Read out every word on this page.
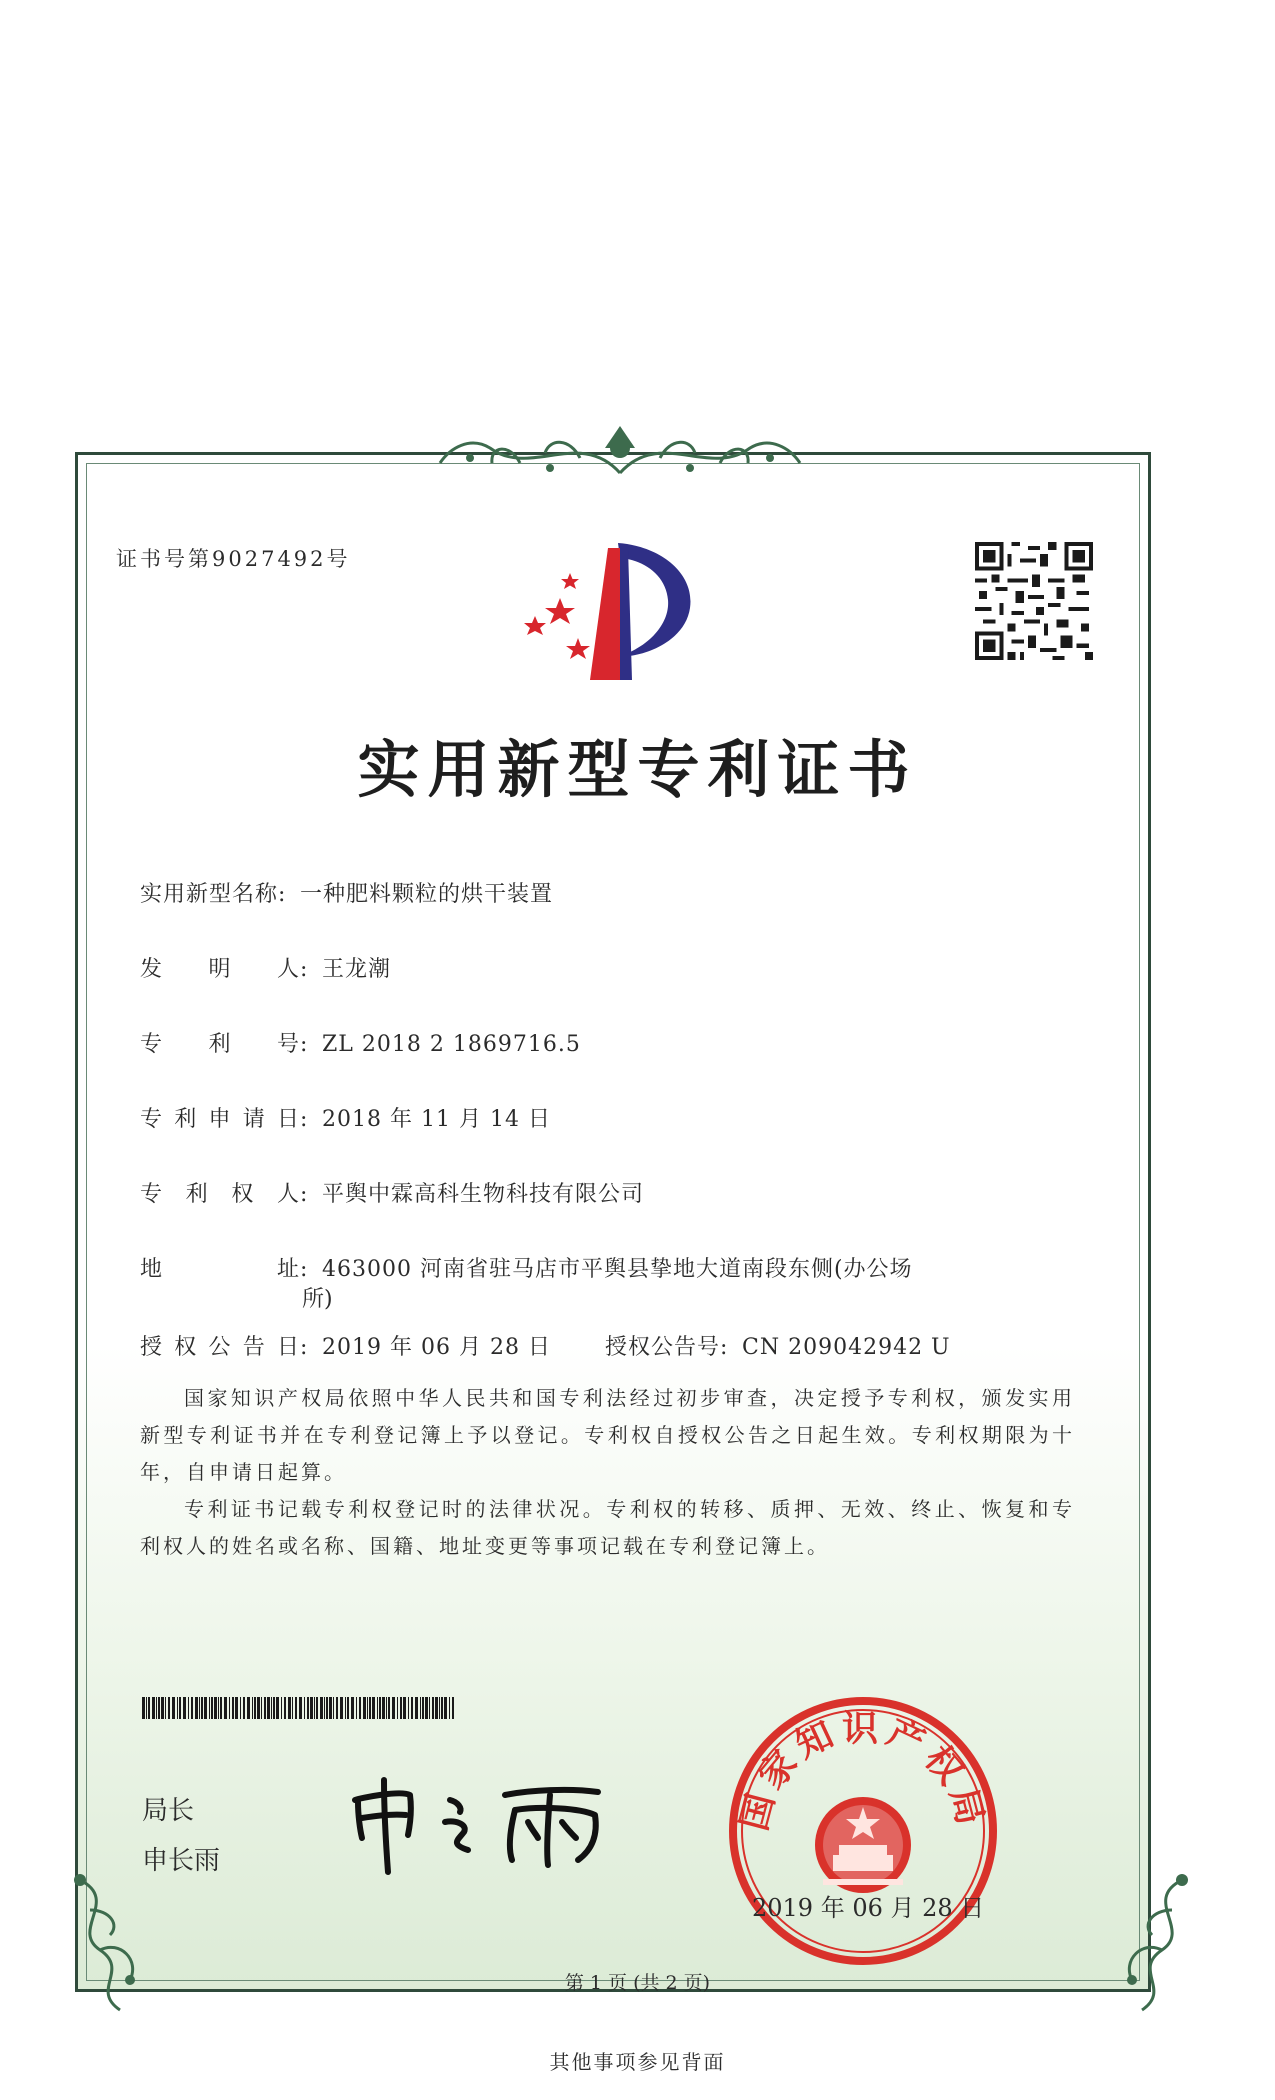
证书号第9027492号
实用新型专利证书
实用新型名称: 一种肥料颗粒的烘干装置
发明人: 王龙潮
专利号: ZL 2018 2 1869716.5
专利申请日: 2018 年 11 月 14 日
专利权人: 平舆中霖高科生物科技有限公司
地址: 463000 河南省驻马店市平舆县挚地大道南段东侧(办公场
所)
授权公告日: 2019 年 06 月 28 日 授权公告号: CN 209042942 U
国家知识产权局依照中华人民共和国专利法经过初步审查，决定授予专利权，颁发实用新型专利证书并在专利登记簿上予以登记。专利权自授权公告之日起生效。专利权期限为十年，自申请日起算。
专利证书记载专利权登记时的法律状况。专利权的转移、质押、无效、终止、恢复和专利权人的姓名或名称、国籍、地址变更等事项记载在专利登记簿上。
局长
申长雨
国家知识产权局
2019 年 06 月 28 日
第 1 页 (共 2 页)
其他事项参见背面
